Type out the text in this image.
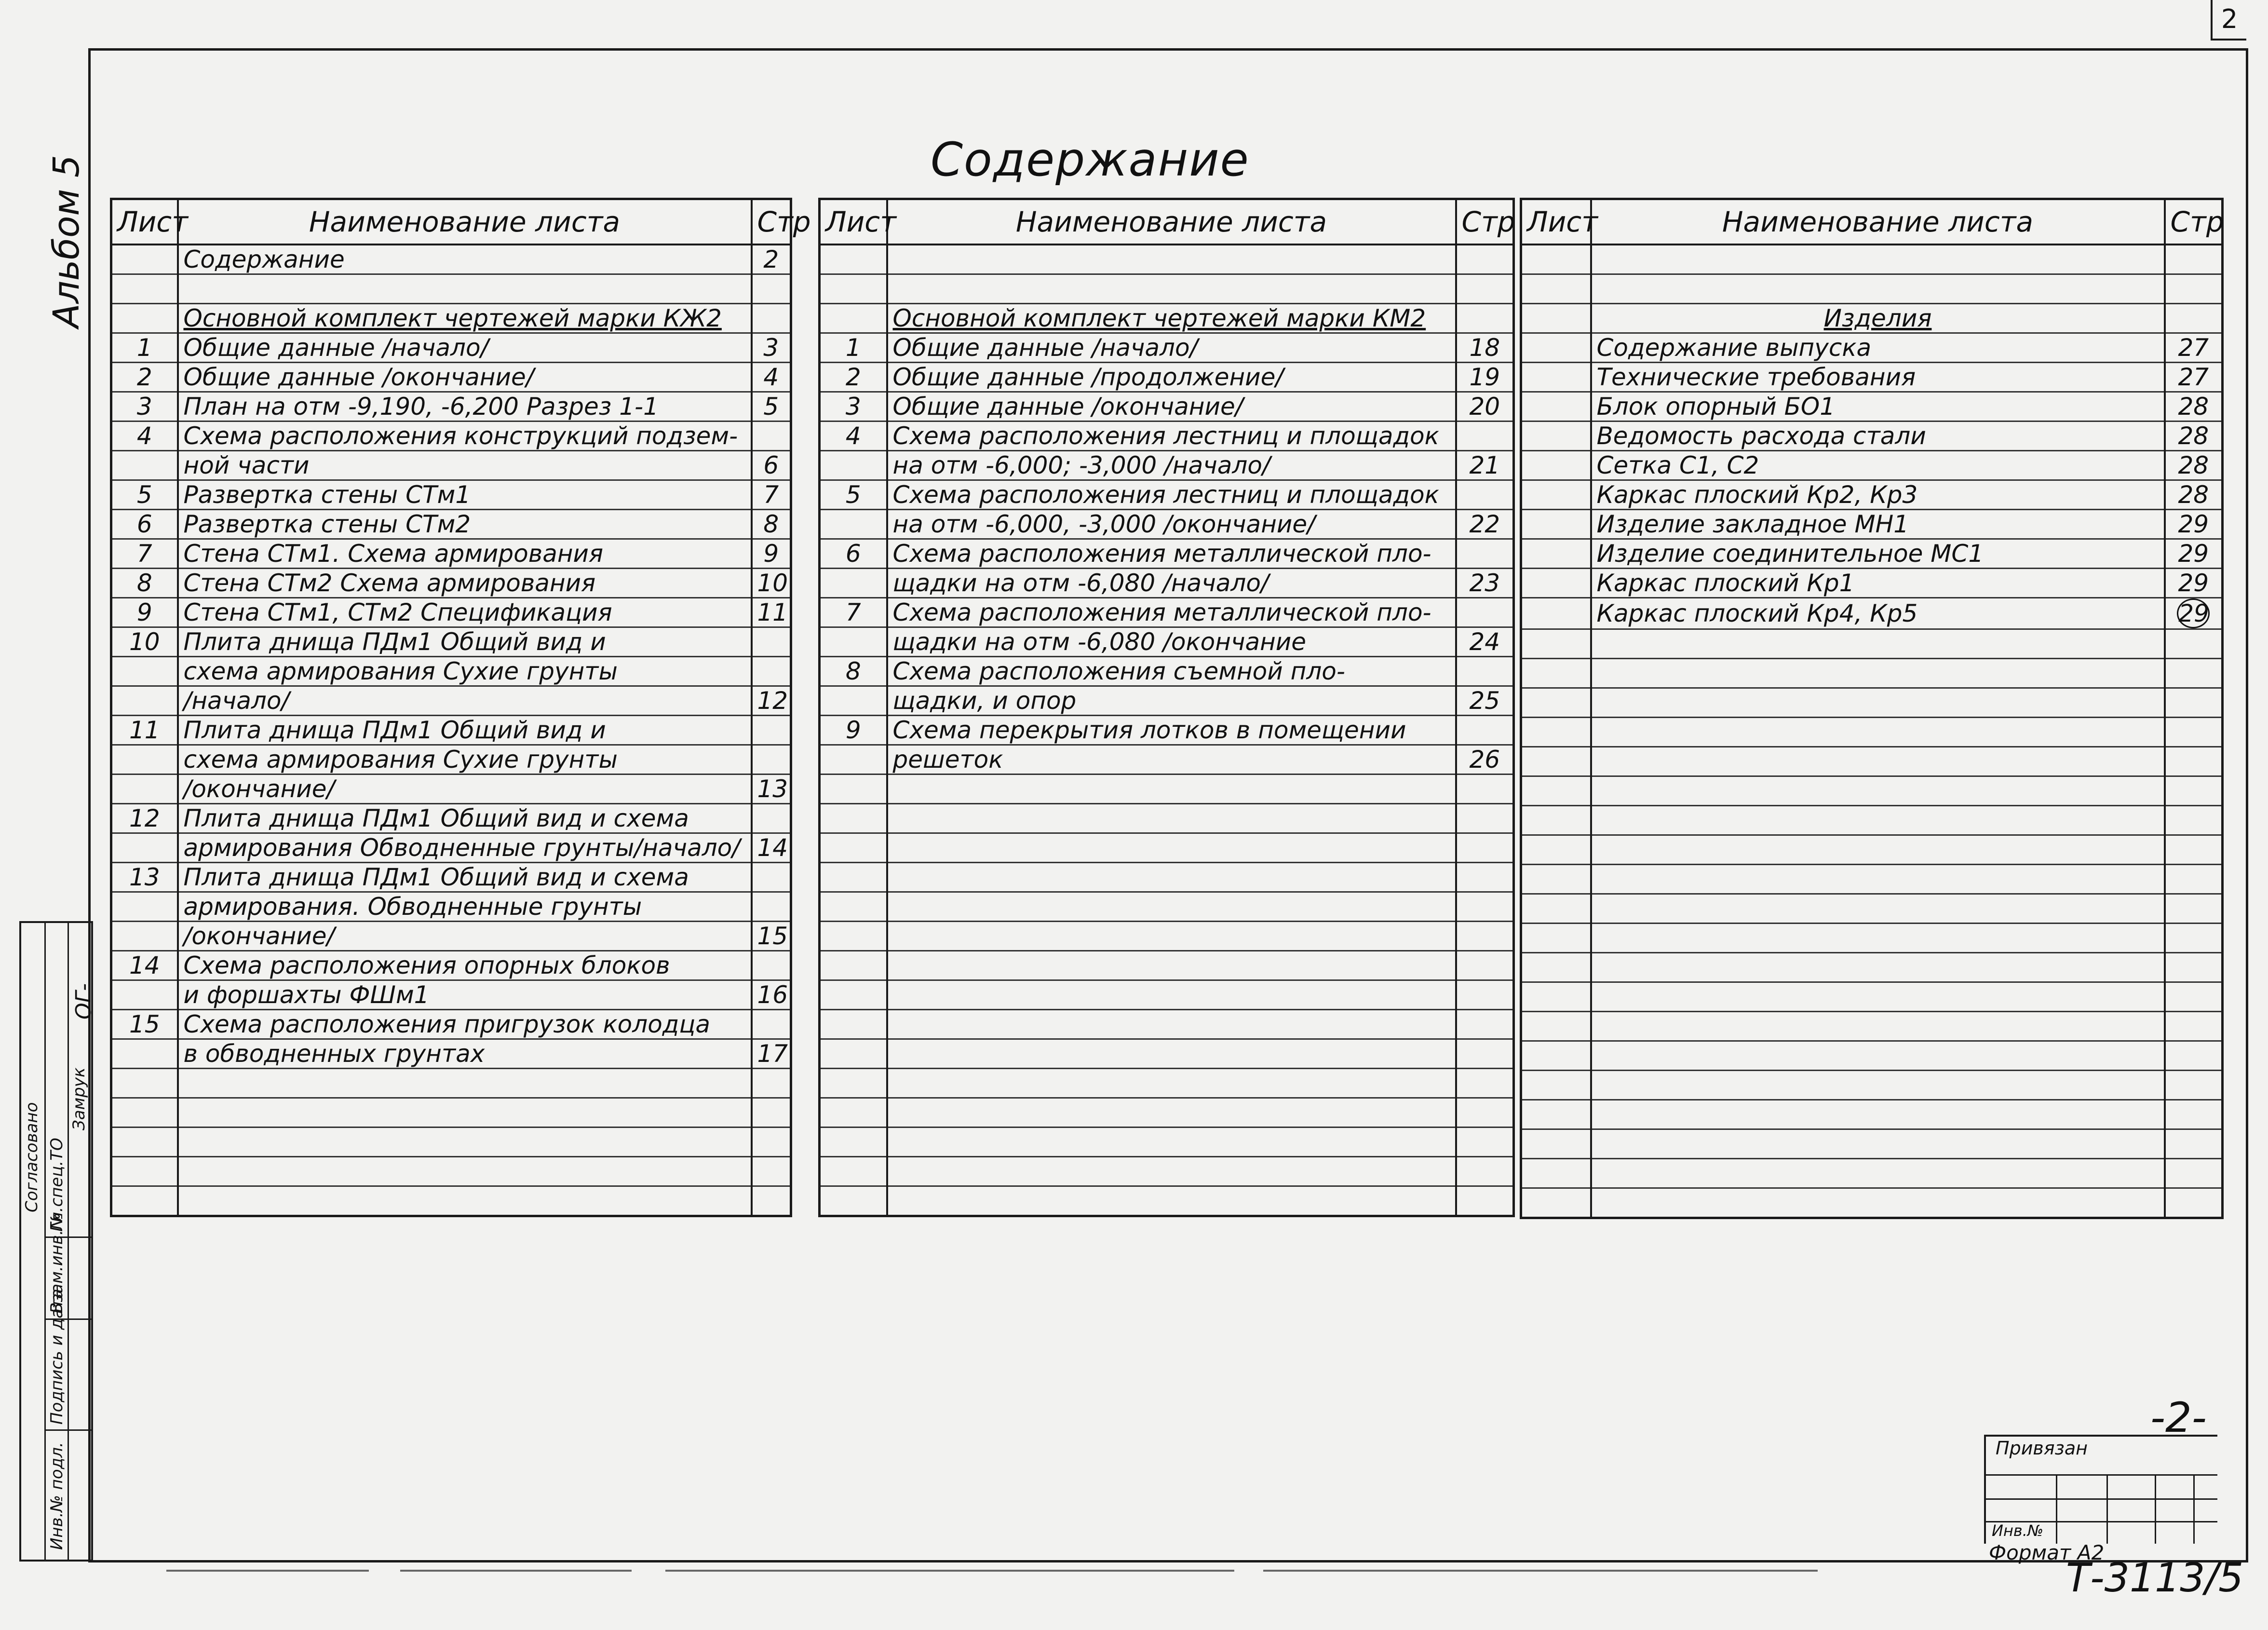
2
Альбом 5	Содержание
Лист	Наименование листа	Стр
	Содержание	2

	Основной комплект чертежей марки КЖ2	
1	Общие данные /начало/	3
2	Общие данные /окончание/	4
3	План на отм -9,190, -6,200 Разрез 1-1	5
4	Схема расположения конструкций подзем-	
	ной части	6
5	Развертка стены СТм1	7
6	Развертка стены СТм2	8
7	Стена СТм1. Схема армирования	9
8	Стена СТм2 Схема армирования	10
9	Стена СТм1, СТм2 Спецификация	11
10	Плита днища ПДм1 Общий вид и	
	схема армирования Сухие грунты	
	/начало/	12
11	Плита днища ПДм1 Общий вид и	
	схема армирования Сухие грунты	
	/окончание/	13
12	Плита днища ПДм1 Общий вид и схема	
	армирования Обводненные грунты/начало/	14
13	Плита днища ПДм1 Общий вид и схема	
	армирования. Обводненные грунты	
	/окончание/	15
14	Схема расположения опорных блоков	
	и форшахты ФШм1	16
15	Схема расположения пригрузок колодца	
	в обводненных грунтах	17

Лист	Наименование листа	Стр

	Основной комплект чертежей марки КМ2	
1	Общие данные /начало/	18
2	Общие данные /продолжение/	19
3	Общие данные /окончание/	20
4	Схема расположения лестниц и площадок	
	на отм -6,000; -3,000 /начало/	21
5	Схема расположения лестниц и площадок	
	на отм -6,000, -3,000 /окончание/	22
6	Схема расположения металлической пло-	
	щадки на отм -6,080 /начало/	23
7	Схема расположения металлической пло-	
	щадки на отм -6,080 /окончание	24
8	Схема расположения съемной пло-	
	щадки, и опор	25
9	Схема перекрытия лотков в помещении	
	решеток	26

Лист	Наименование листа	Стр

	Изделия	
	Содержание выпуска	27
	Технические требования	27
	Блок опорный БО1	28
	Ведомость расхода стали	28
	Сетка С1, С2	28
	Каркас плоский Кр2, Кр3	28
	Изделие закладное МН1	29
	Изделие соединительное МС1	29
	Каркас плоский Кр1	29
	Каркас плоский Кр4, Кр5	29

Согласовано Гл.спец.ТО
Замрук
ОГ-
Инв.№ подл.
Подпись и дата
Взам.инв.№
-2-
Привязан
Инв.№
Формат А2
Т-3113/5
